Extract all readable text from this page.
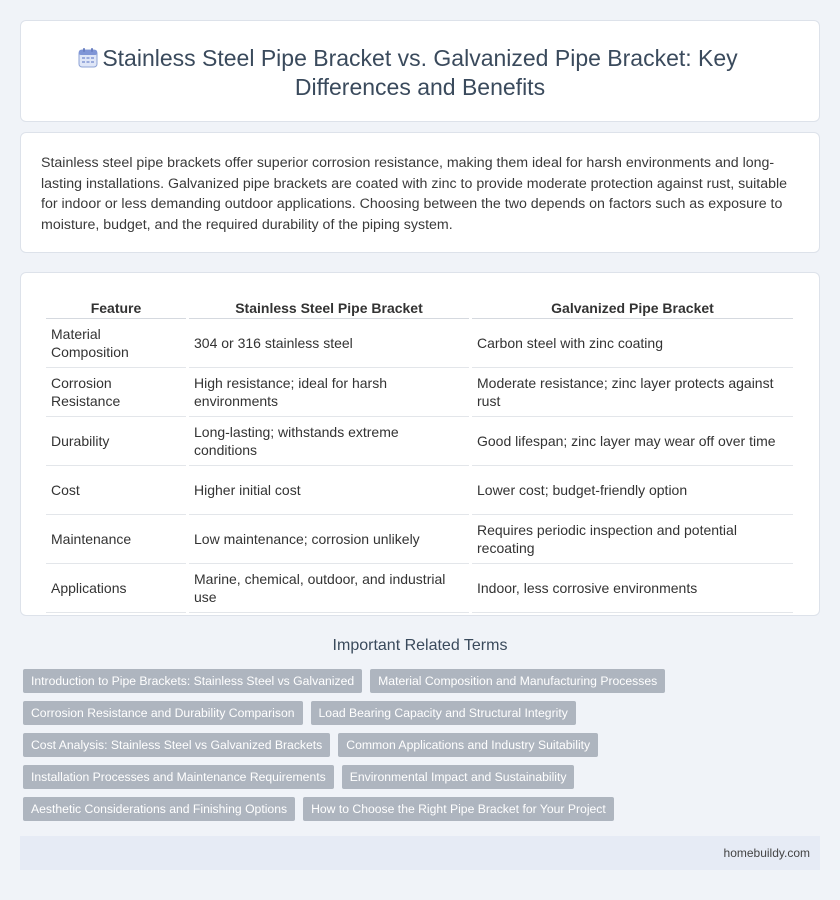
Stainless Steel Pipe Bracket vs. Galvanized Pipe Bracket: Key Differences and Benefits

Stainless steel pipe brackets offer superior corrosion resistance, making them ideal for harsh environments and long-lasting installations. Galvanized pipe brackets are coated with zinc to provide moderate protection against rust, suitable for indoor or less demanding outdoor applications. Choosing between the two depends on factors such as exposure to moisture, budget, and the required durability of the piping system.

Feature	Stainless Steel Pipe Bracket	Galvanized Pipe Bracket
Material Composition	304 or 316 stainless steel	Carbon steel with zinc coating
Corrosion Resistance	High resistance; ideal for harsh environments	Moderate resistance; zinc layer protects against rust
Durability	Long-lasting; withstands extreme conditions	Good lifespan; zinc layer may wear off over time
Cost	Higher initial cost	Lower cost; budget-friendly option
Maintenance	Low maintenance; corrosion unlikely	Requires periodic inspection and potential recoating
Applications	Marine, chemical, outdoor, and industrial use	Indoor, less corrosive environments
Important Related Terms
Introduction to Pipe Brackets: Stainless Steel vs Galvanized	Material Composition and Manufacturing Processes
Corrosion Resistance and Durability Comparison	Load Bearing Capacity and Structural Integrity
Cost Analysis: Stainless Steel vs Galvanized Brackets	Common Applications and Industry Suitability
Installation Processes and Maintenance Requirements	Environmental Impact and Sustainability
Aesthetic Considerations and Finishing Options	How to Choose the Right Pipe Bracket for Your Project
homebuildy.com
